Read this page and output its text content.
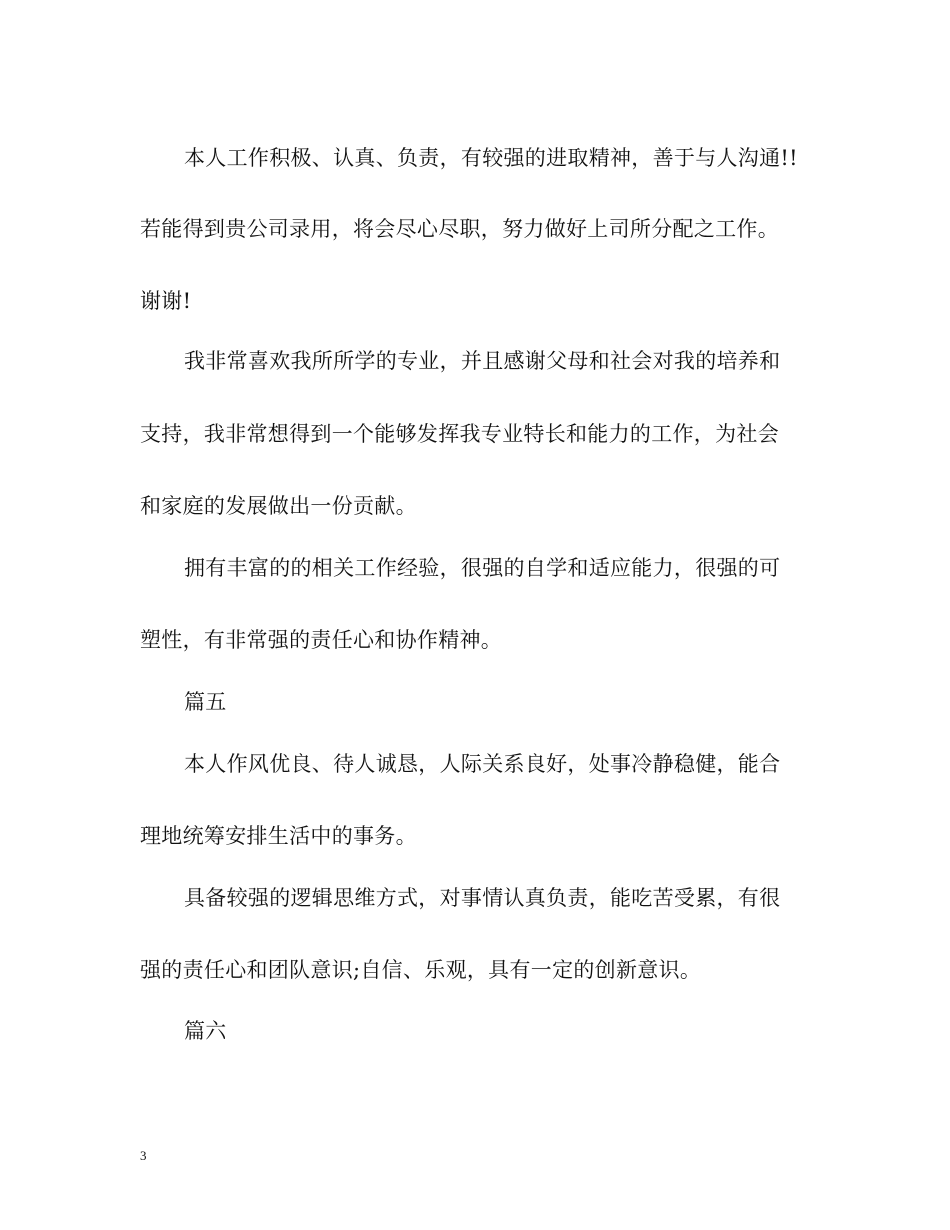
本人工作积极、认真、负责，有较强的进取精神，善于与人沟通!!
若能得到贵公司录用，将会尽心尽职，努力做好上司所分配之工作。
谢谢!
我非常喜欢我所所学的专业，并且感谢父母和社会对我的培养和
支持，我非常想得到一个能够发挥我专业特长和能力的工作，为社会
和家庭的发展做出一份贡献。
拥有丰富的的相关工作经验，很强的自学和适应能力，很强的可
塑性，有非常强的责任心和协作精神。
篇五
本人作风优良、待人诚恳，人际关系良好，处事冷静稳健，能合
理地统筹安排生活中的事务。
具备较强的逻辑思维方式，对事情认真负责，能吃苦受累，有很
强的责任心和团队意识;自信、乐观，具有一定的创新意识。
篇六
3
